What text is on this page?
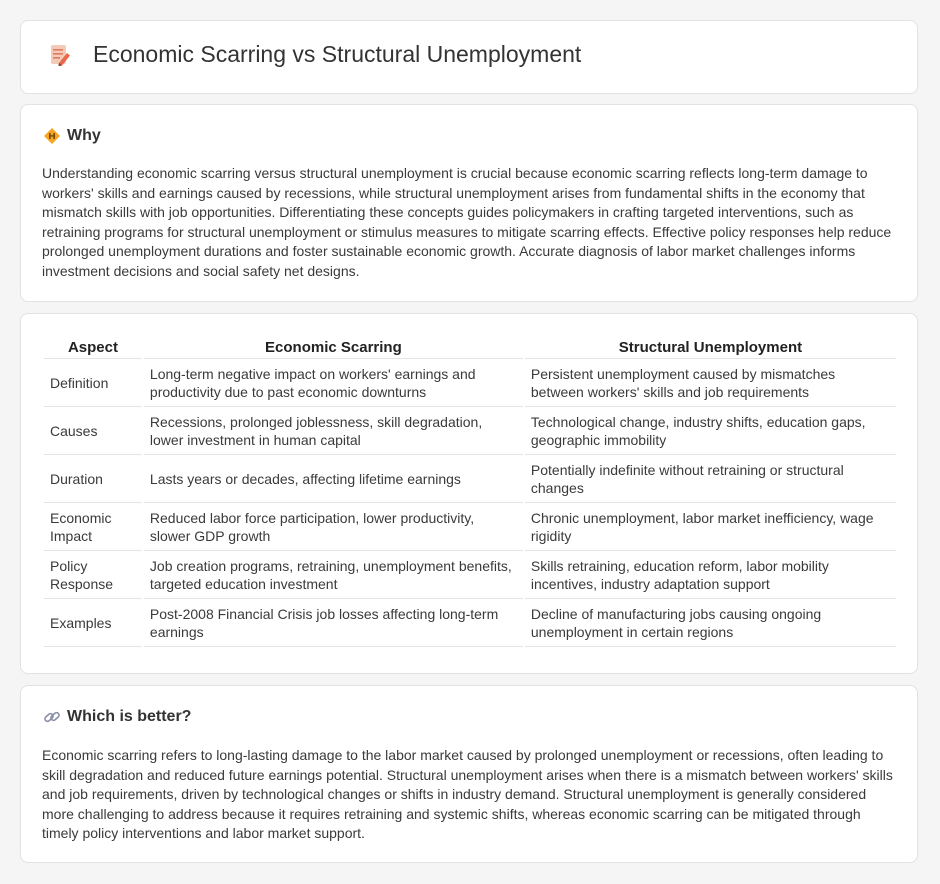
Economic Scarring vs Structural Unemployment
Why

Understanding economic scarring versus structural unemployment is crucial because economic scarring reflects long-term damage to workers' skills and earnings caused by recessions, while structural unemployment arises from fundamental shifts in the economy that mismatch skills with job opportunities. Differentiating these concepts guides policymakers in crafting targeted interventions, such as retraining programs for structural unemployment or stimulus measures to mitigate scarring effects. Effective policy responses help reduce prolonged unemployment durations and foster sustainable economic growth. Accurate diagnosis of labor market challenges informs investment decisions and social safety net designs.

Aspect	Economic Scarring	Structural Unemployment
Definition	Long-term negative impact on workers' earnings and productivity due to past economic downturns	Persistent unemployment caused by mismatches between workers' skills and job requirements
Causes	Recessions, prolonged joblessness, skill degradation, lower investment in human capital	Technological change, industry shifts, education gaps, geographic immobility
Duration	Lasts years or decades, affecting lifetime earnings	Potentially indefinite without retraining or structural changes
Economic Impact	Reduced labor force participation, lower productivity, slower GDP growth	Chronic unemployment, labor market inefficiency, wage rigidity
Policy Response	Job creation programs, retraining, unemployment benefits, targeted education investment	Skills retraining, education reform, labor mobility incentives, industry adaptation support
Examples	Post-2008 Financial Crisis job losses affecting long-term earnings	Decline of manufacturing jobs causing ongoing unemployment in certain regions
Which is better?

Economic scarring refers to long-lasting damage to the labor market caused by prolonged unemployment or recessions, often leading to skill degradation and reduced future earnings potential. Structural unemployment arises when there is a mismatch between workers' skills and job requirements, driven by technological changes or shifts in industry demand. Structural unemployment is generally considered more challenging to address because it requires retraining and systemic shifts, whereas economic scarring can be mitigated through timely policy interventions and labor market support.
